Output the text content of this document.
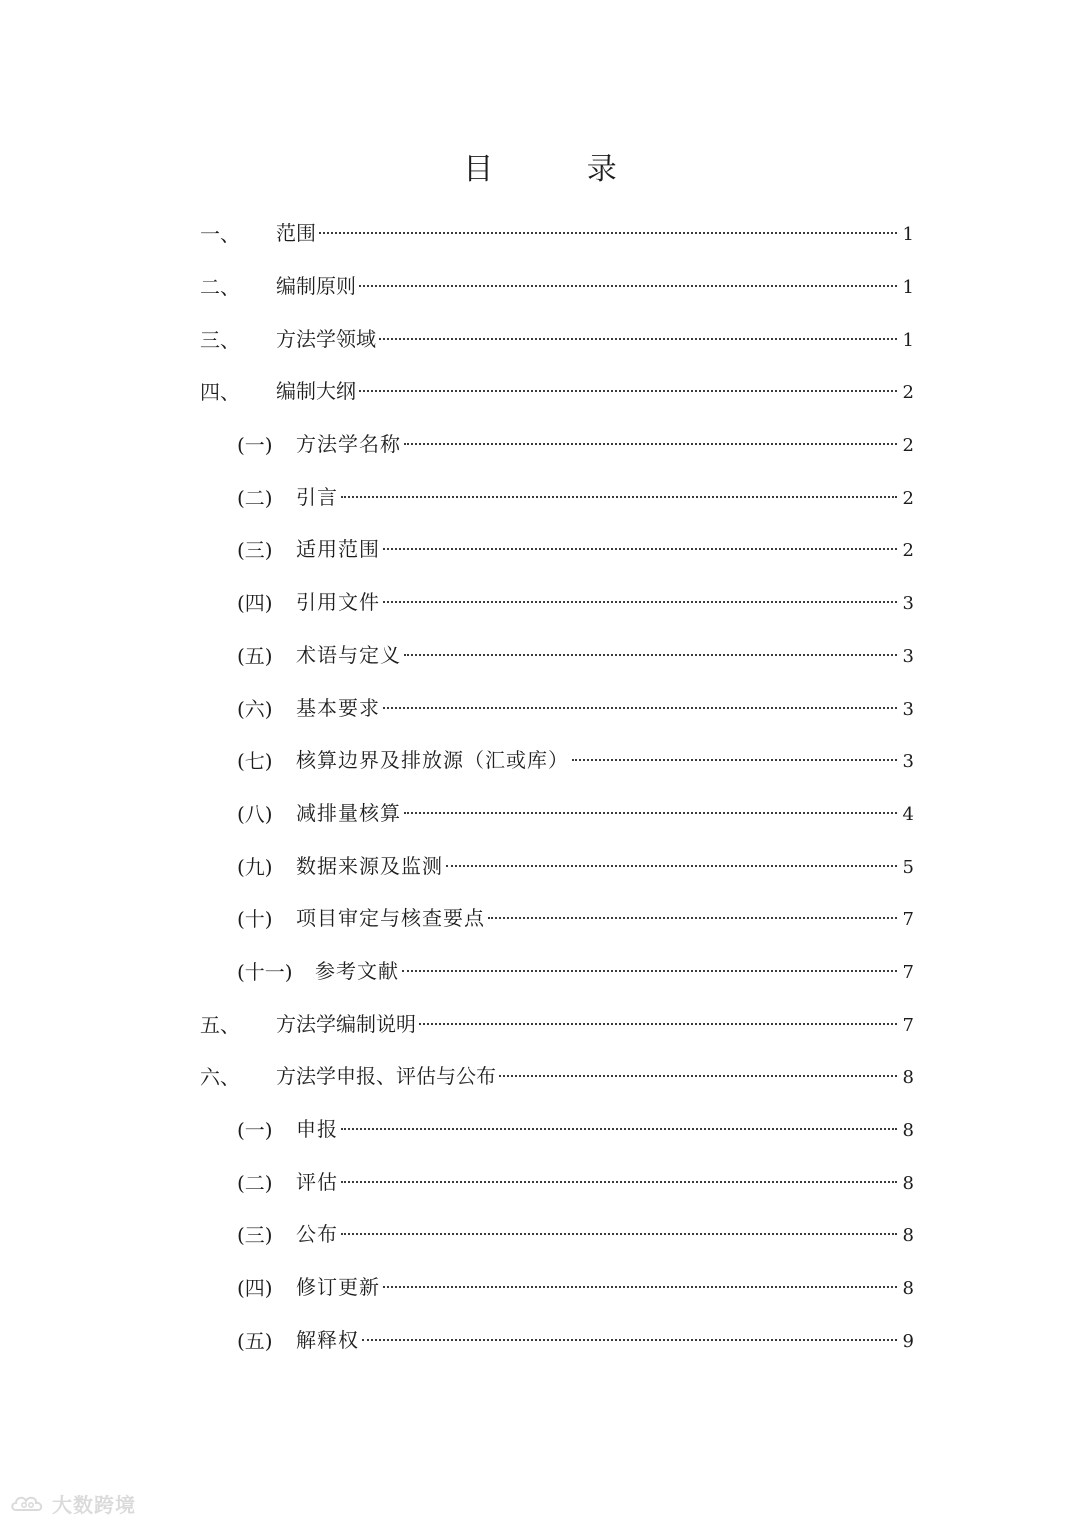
目 录
一、 范围	1
二、 编制原则	1
三、 方法学领域	1
四、 编制大纲	2
(一) 方法学名称	2
(二) 引言	2
(三) 适用范围	2
(四) 引用文件	3
(五) 术语与定义	3
(六) 基本要求	3
(七) 核算边界及排放源（汇或库）	3
(八) 减排量核算	4
(九) 数据来源及监测	5
(十) 项目审定与核查要点	7
(十一) 参考文献	7
五、 方法学编制说明	7
六、 方法学申报、评估与公布	8
(一) 申报	8
(二) 评估	8
(三) 公布	8
(四) 修订更新	8
(五) 解释权	9
大数跨境
